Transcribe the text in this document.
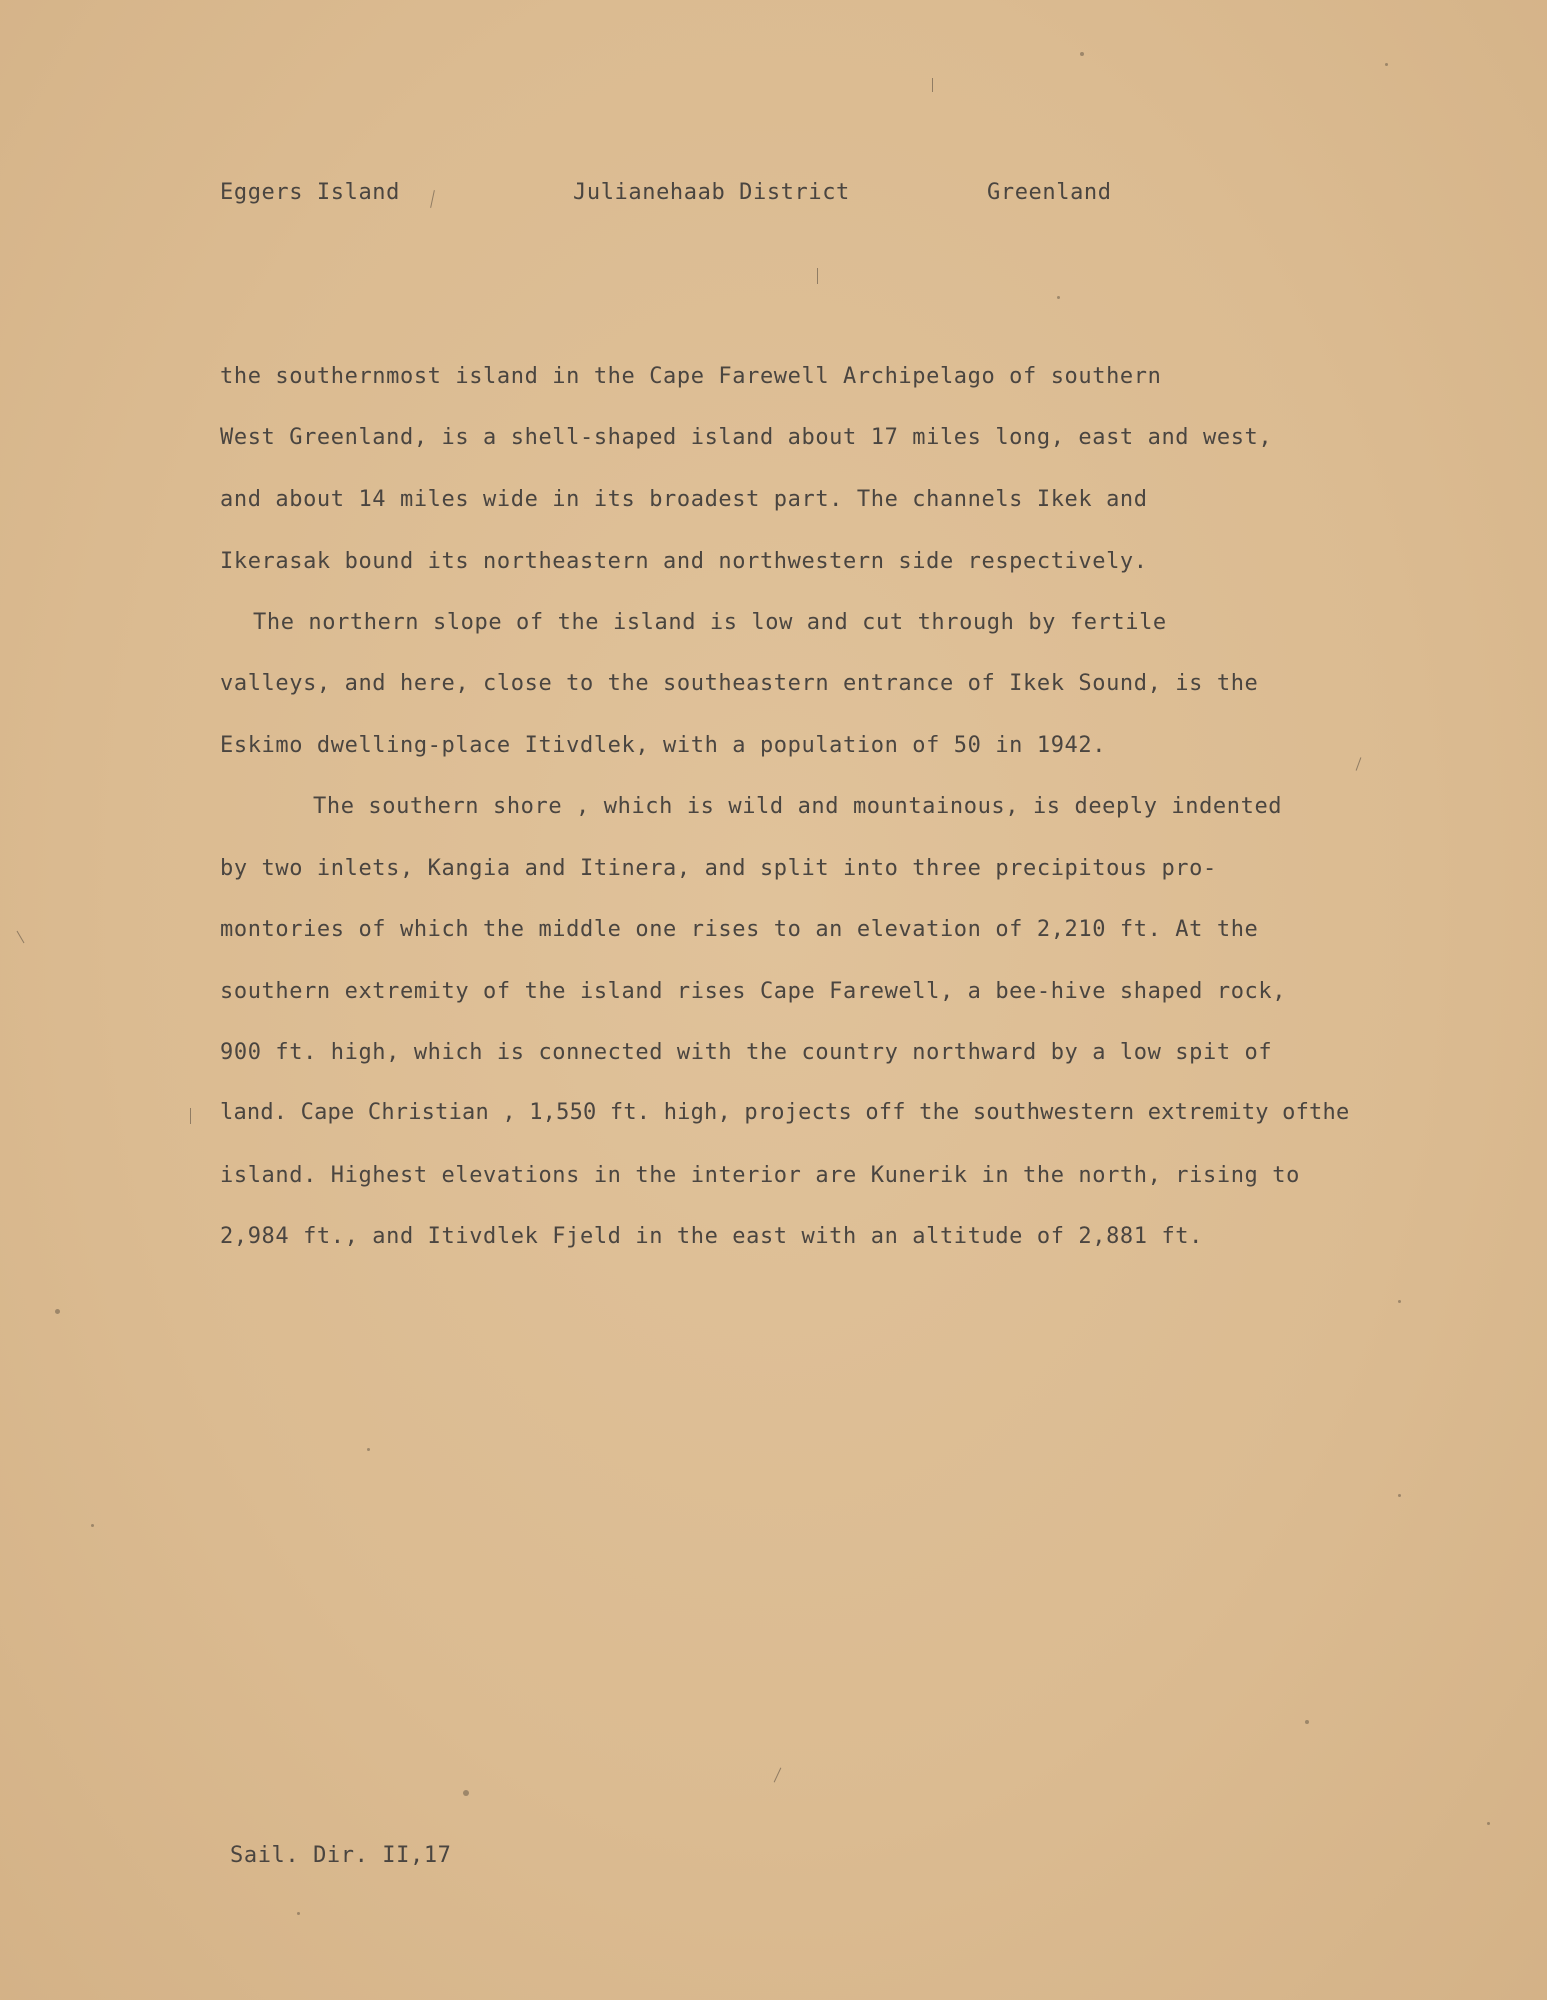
Eggers Island	Julianehaab District	Greenland
the southernmost island in the Cape Farewell Archipelago of southern
West Greenland, is a shell-shaped island about 17 miles long, east and west,
and about 14 miles wide in its broadest part. The channels Ikek and
Ikerasak bound its northeastern and northwestern side respectively.
The northern slope of the island is low and cut through by fertile
valleys, and here, close to the southeastern entrance of Ikek Sound, is the
Eskimo dwelling-place Itivdlek, with a population of 50 in 1942.
The southern shore , which is wild and mountainous, is deeply indented
by two inlets, Kangia and Itinera, and split into three precipitous pro-
montories of which the middle one rises to an elevation of 2,210 ft. At the
southern extremity of the island rises Cape Farewell, a bee-hive shaped rock,
900 ft. high, which is connected with the country northward by a low spit of
land. Cape Christian , 1,550 ft. high, projects off the southwestern extremity ofthe
island. Highest elevations in the interior are Kunerik in the north, rising to
2,984 ft., and Itivdlek Fjeld in the east with an altitude of 2,881 ft.
Sail. Dir. II,17
